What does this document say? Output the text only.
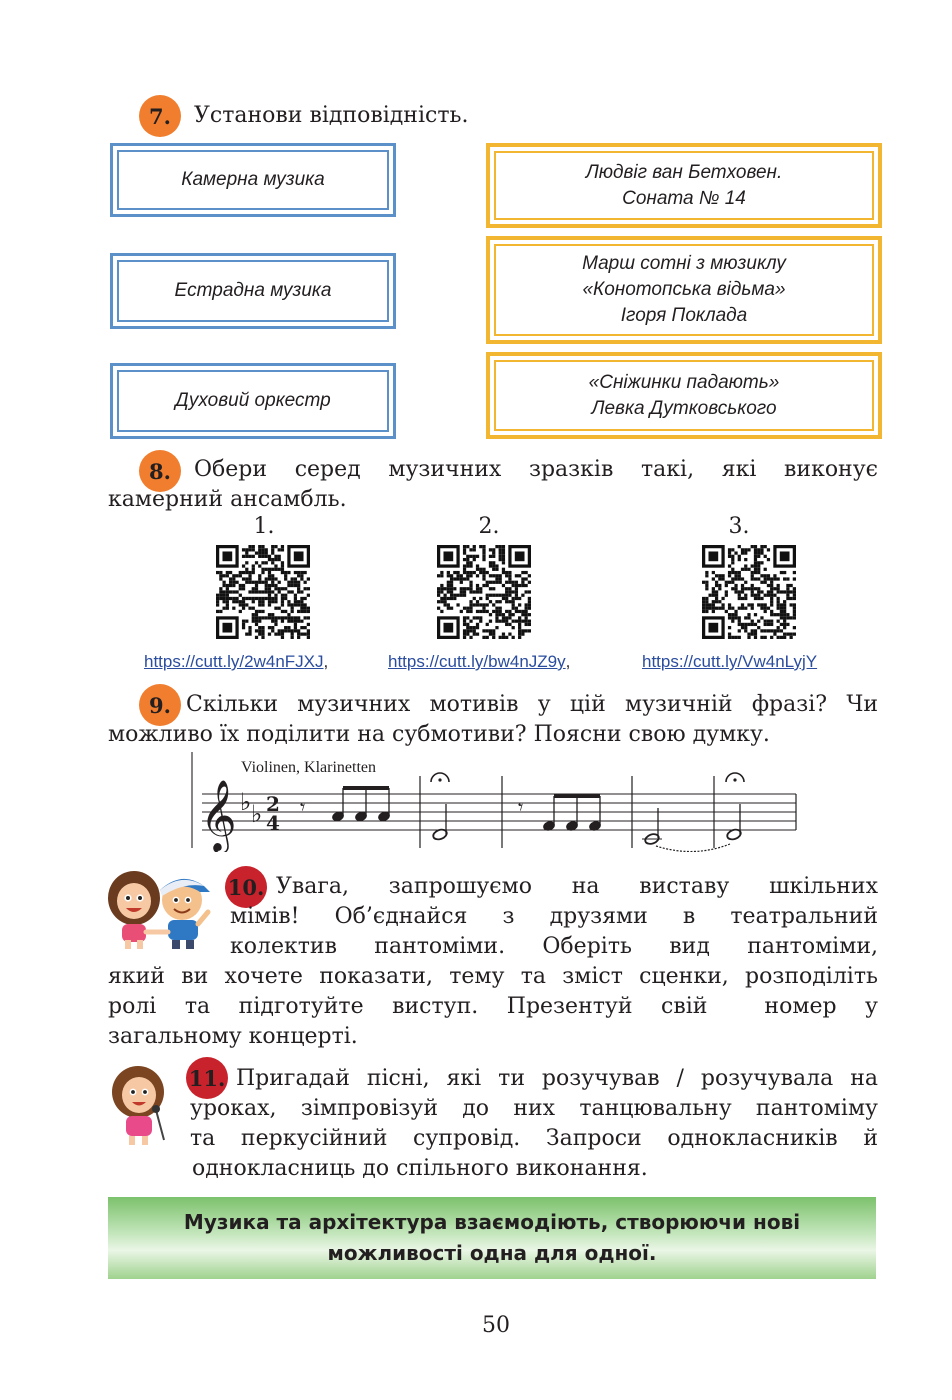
7.	Установи відповідність.
Камерна музика
Естрадна музика
Духовий оркестр
Людвіг ван Бетховен.
Соната № 14
Марш сотні з мюзиклу
«Конотопська відьма»
Ігоря Поклада
«Сніжинки падають»
Левка Дутковського
8.	Обери серед музичних зразків такі, які виконує
камерний ансамбль.
1.	2.	3.
https://cutt.ly/2w4nFJXJ,	https://cutt.ly/bw4nJZ9y,	https://cutt.ly/Vw4nLyjY
9. Скільки музичних мотивів у цій музичній фразі? Чи
можливо їх поділити на субмотиви? Поясни свою думку.
Violinen, Klarinetten
𝄞 ♭ ♭ 2
4
𝄾	𝄾
10. Увага, запрошуємо на виставу шкільних
мімів! Об’єднайся з друзями в театральний
колектив пантоміми. Оберіть вид пантоміми,
який ви хочете показати, тему та зміст сценки, розподіліть
ролі та підготуйте виступ. Презентуй свій  номер у
загальному концерті.
11. Пригадай пісні, які ти розучував / розучувала на
уроках, зімпровізуй до них танцювальну пантоміму
та перкусійний супровід. Запроси однокласників й
однокласниць до спільного виконання.
Музика та архітектура взаємодіють, створюючи нові
можливості одна для одної.
50
